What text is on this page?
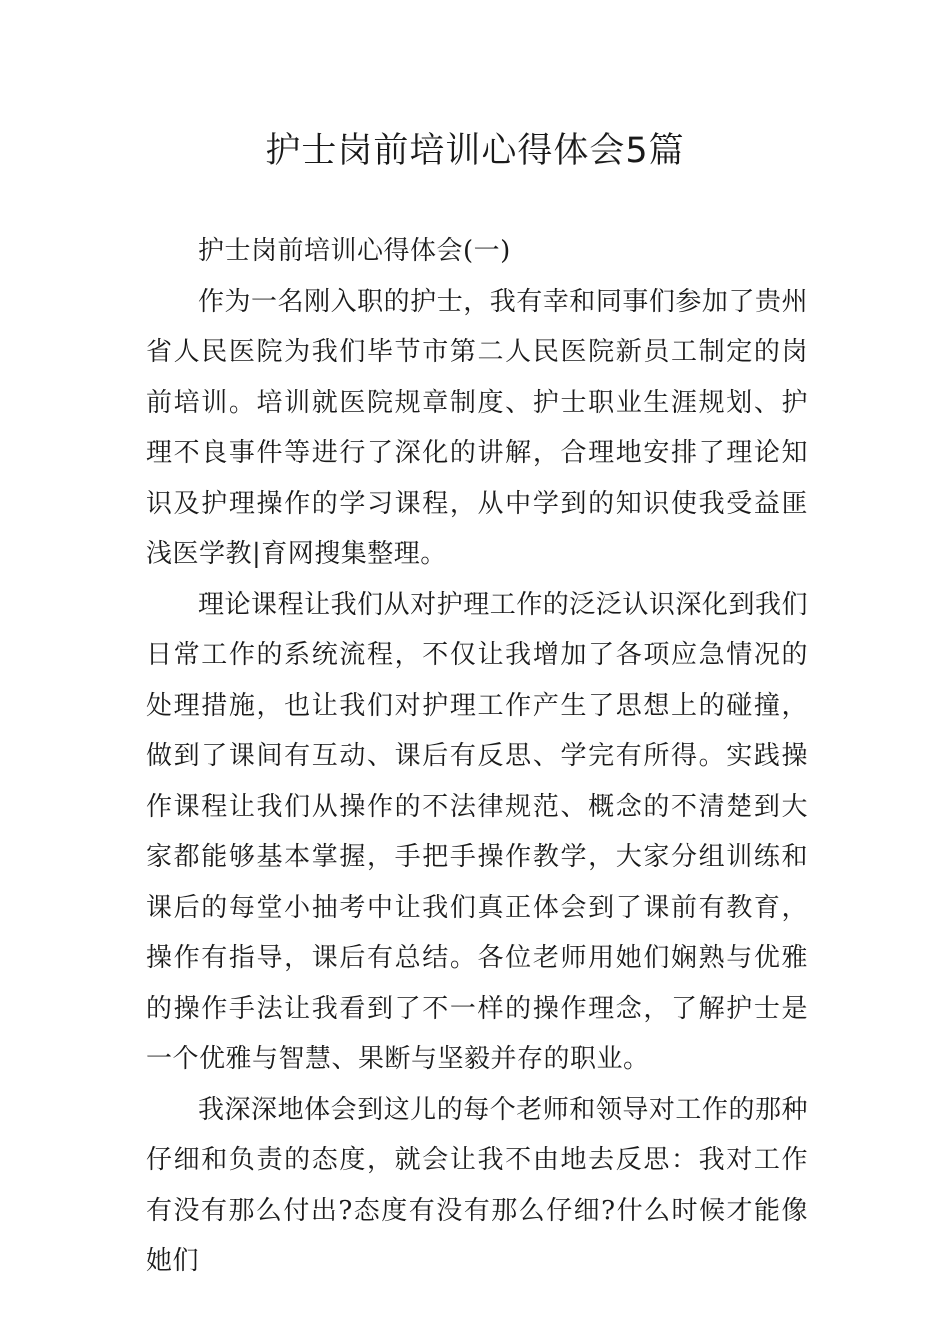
护士岗前培训心得体会5篇

护士岗前培训心得体会(一)

作为一名刚入职的护士，我有幸和同事们参加了贵州省人民医院为我们毕节市第二人民医院新员工制定的岗前培训。培训就医院规章制度、护士职业生涯规划、护理不良事件等进行了深化的讲解，合理地安排了理论知识及护理操作的学习课程，从中学到的知识使我受益匪浅医学教|育网搜集整理。

理论课程让我们从对护理工作的泛泛认识深化到我们日常工作的系统流程，不仅让我增加了各项应急情况的处理措施，也让我们对护理工作产生了思想上的碰撞，做到了课间有互动、课后有反思、学完有所得。实践操作课程让我们从操作的不法律规范、概念的不清楚到大家都能够基本掌握，手把手操作教学，大家分组训练和课后的每堂小抽考中让我们真正体会到了课前有教育，操作有指导，课后有总结。各位老师用她们娴熟与优雅的操作手法让我看到了不一样的操作理念，了解护士是一个优雅与智慧、果断与坚毅并存的职业。

我深深地体会到这儿的每个老师和领导对工作的那种仔细和负责的态度，就会让我不由地去反思：我对工作有没有那么付出?态度有没有那么仔细?什么时候才能像她们
